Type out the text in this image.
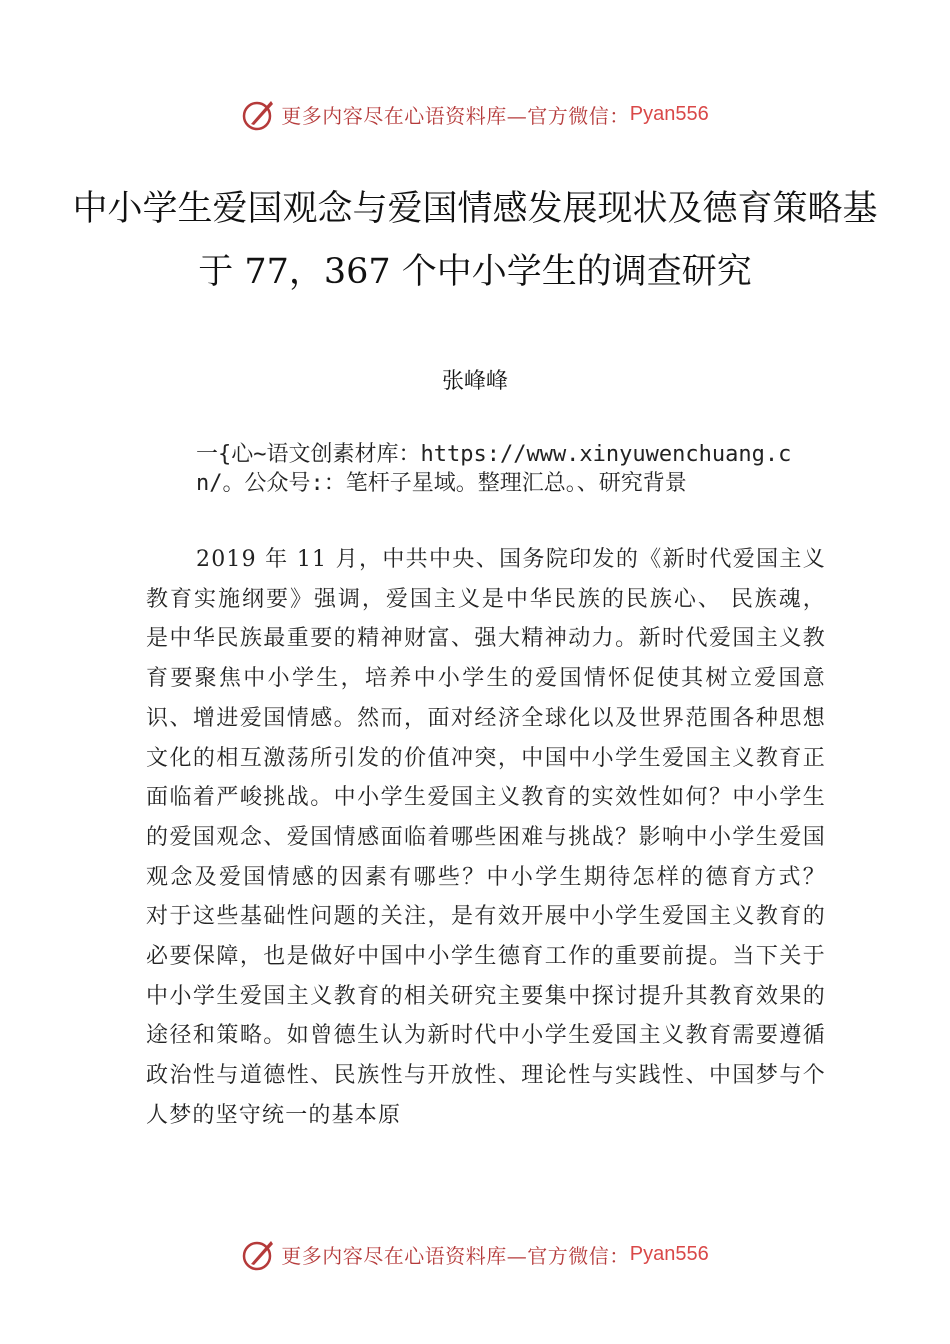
更多内容尽在心语资料库—官方微信： Pyan556
中小学生爱国观念与爱国情感发展现状及德育策略基于 77，367 个中小学生的调查研究
张峰峰
一{心~语文创素材库：https://www.xinyuwenchuang.cn/。公众号:：笔杆子星域。整理汇总。、研究背景

2019 年 11 月，中共中央、国务院印发的《新时代爱国主义教育实施纲要》强调，爱国主义是中华民族的民族心、 民族魂，是中华民族最重要的精神财富、强大精神动力。新时代爱国主义教育要聚焦中小学生，培养中小学生的爱国情怀促使其树立爱国意识、增进爱国情感。然而，面对经济全球化以及世界范围各种思想文化的相互激荡所引发的价值冲突，中国中小学生爱国主义教育正面临着严峻挑战。中小学生爱国主义教育的实效性如何？中小学生的爱国观念、爱国情感面临着哪些困难与挑战？影响中小学生爱国观念及爱国情感的因素有哪些？中小学生期待怎样的德育方式？ 对于这些基础性问题的关注，是有效开展中小学生爱国主义教育的必要保障，也是做好中国中小学生德育工作的重要前提。当下关于中小学生爱国主义教育的相关研究主要集中探讨提升其教育效果的途径和策略。如曾德生认为新时代中小学生爱国主义教育需要遵循政治性与道德性、民族性与开放性、理论性与实践性、中国梦与个人梦的坚守统一的基本原

更多内容尽在心语资料库—官方微信： Pyan556
